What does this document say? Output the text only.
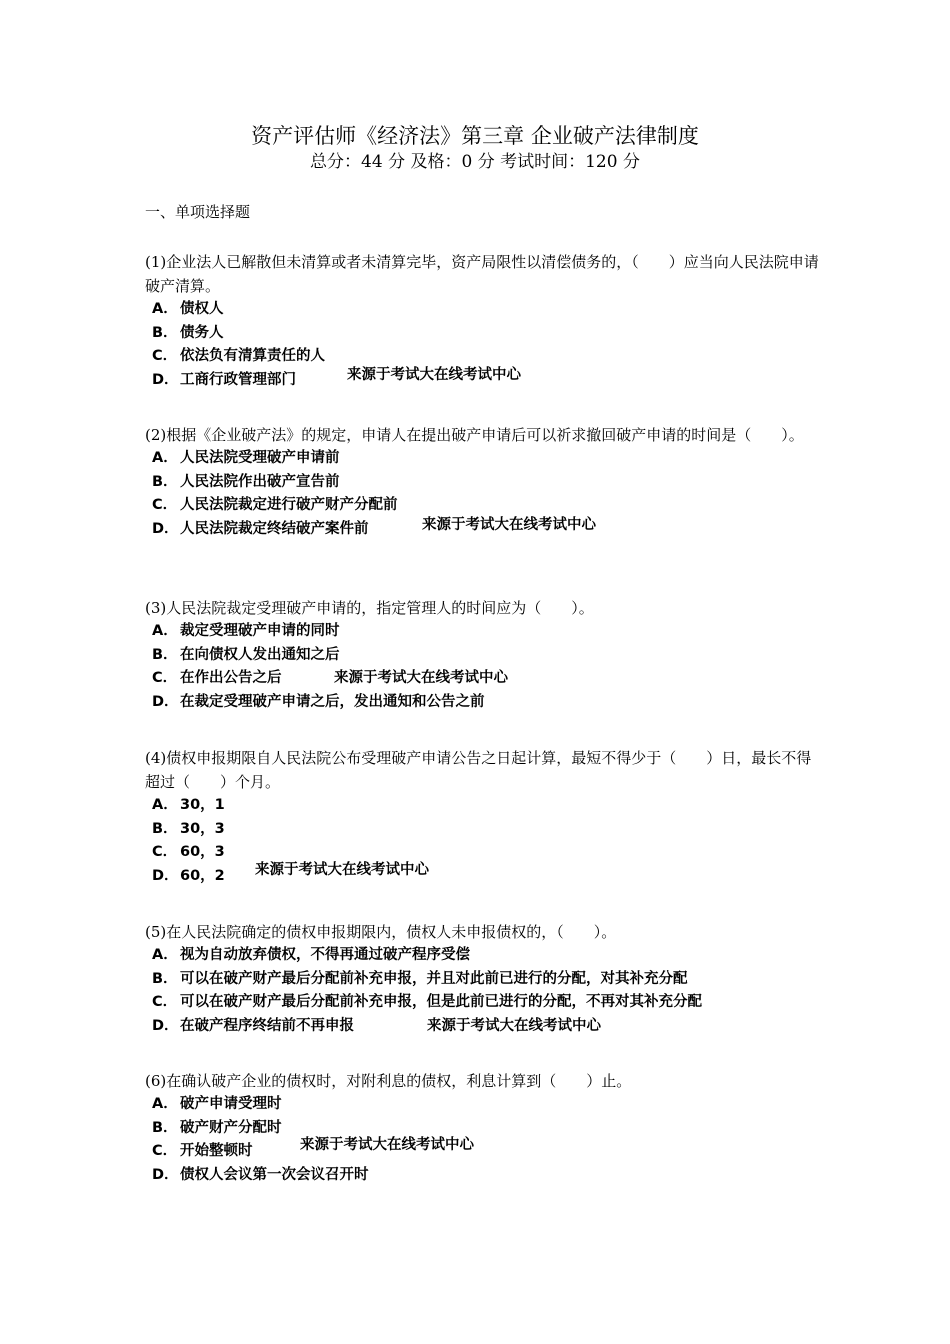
资产评估师《经济法》第三章 企业破产法律制度
总分：44 分 及格：0 分 考试时间：120 分
一、单项选择题
(1)企业法人已解散但未清算或者未清算完毕，资产局限性以清偿债务的，（　　）应当向人民法院申请破产清算。
A． 债权人
B． 债务人
C． 依法负有清算责任的人
D．工商行政管理部门	来源于考试大在线考试中心
(2)根据《企业破产法》的规定，申请人在提出破产申请后可以祈求撤回破产申请的时间是（　　）。
A． 人民法院受理破产申请前
B． 人民法院作出破产宣告前
C． 人民法院裁定进行破产财产分配前
D．人民法院裁定终结破产案件前	来源于考试大在线考试中心
(3)人民法院裁定受理破产申请的，指定管理人的时间应为（　　）。
A． 裁定受理破产申请的同时
B． 在向债权人发出通知之后
C． 在作出公告之后
D．在裁定受理破产申请之后，发出通知和公告之前
来源于考试大在线考试中心
(4)债权申报期限自人民法院公布受理破产申请公告之日起计算，最短不得少于（　　）日，最长不得超过（　　）个月。
A． 30，1
B． 30，3
C． 60，3
D．60，2	来源于考试大在线考试中心
(5)在人民法院确定的债权申报期限内，债权人未申报债权的，（　　）。
A． 视为自动放弃债权，不得再通过破产程序受偿
B． 可以在破产财产最后分配前补充申报，并且对此前已进行的分配，对其补充分配
C． 可以在破产财产最后分配前补充申报，但是此前已进行的分配，不再对其补充分配
D．在破产程序终结前不再申报	来源于考试大在线考试中心
(6)在确认破产企业的债权时，对附利息的债权，利息计算到（　　）止。
A． 破产申请受理时
B． 破产财产分配时
C． 开始整顿时
D．债权人会议第一次会议召开时
来源于考试大在线考试中心
